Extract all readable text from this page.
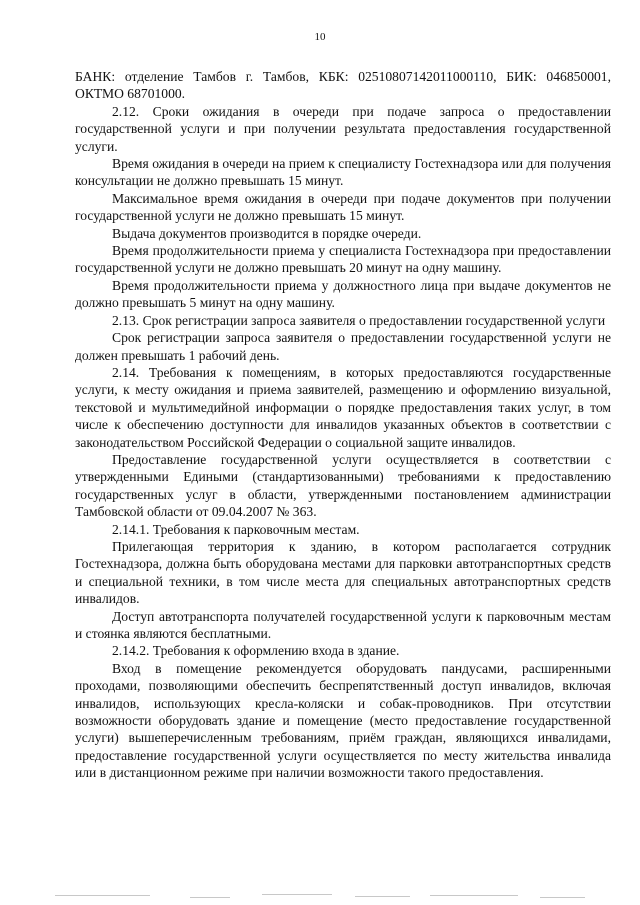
10

БАНК: отделение Тамбов г. Тамбов, КБК: 02510807142011000110, БИК: 046850001, ОКТМО 68701000.

2.12. Сроки ожидания в очереди при подаче запроса о предоставлении государственной услуги и при получении результата предоставления государственной услуги.

Время ожидания в очереди на прием к специалисту Гостехнадзора или для получения консультации не должно превышать 15 минут.

Максимальное время ожидания в очереди при подаче документов при получении государственной услуги не должно превышать 15 минут.

Выдача документов производится в порядке очереди.

Время продолжительности приема у специалиста Гостехнадзора при предоставлении государственной услуги не должно превышать 20 минут на одну машину.

Время продолжительности приема у должностного лица при выдаче документов не должно превышать 5 минут на одну машину.

2.13. Срок регистрации запроса заявителя о предоставлении государственной услуги

Срок регистрации запроса заявителя о предоставлении государственной услуги не должен превышать 1 рабочий день.

2.14. Требования к помещениям, в которых предоставляются государственные услуги, к месту ожидания и приема заявителей, размещению и оформлению визуальной, текстовой и мультимедийной информации о порядке предоставления таких услуг, в том числе к обеспечению доступности для инвалидов указанных объектов в соответствии с законодательством Российской Федерации о социальной защите инвалидов.

Предоставление государственной услуги осуществляется в соответствии с утвержденными Едиными (стандартизованными) требованиями к предоставлению государственных услуг в области, утвержденными постановлением администрации Тамбовской области от 09.04.2007 № 363.

2.14.1. Требования к парковочным местам.

Прилегающая территория к зданию, в котором располагается сотрудник Гостехнадзора, должна быть оборудована местами для парковки автотранспортных средств и специальной техники, в том числе места для специальных автотранспортных средств инвалидов.

Доступ автотранспорта получателей государственной услуги к парковочным местам и стоянка являются бесплатными.

2.14.2. Требования к оформлению входа в здание.

Вход в помещение рекомендуется оборудовать пандусами, расширенными проходами, позволяющими обеспечить беспрепятственный доступ инвалидов, включая инвалидов, использующих кресла-коляски и собак-проводников. При отсутствии возможности оборудовать здание и помещение (место предоставление государственной услуги) вышеперечисленным требованиям, приём граждан, являющихся инвалидами, предоставление государственной услуги осуществляется по месту жительства инвалида или в дистанционном режиме при наличии возможности такого предоставления.
